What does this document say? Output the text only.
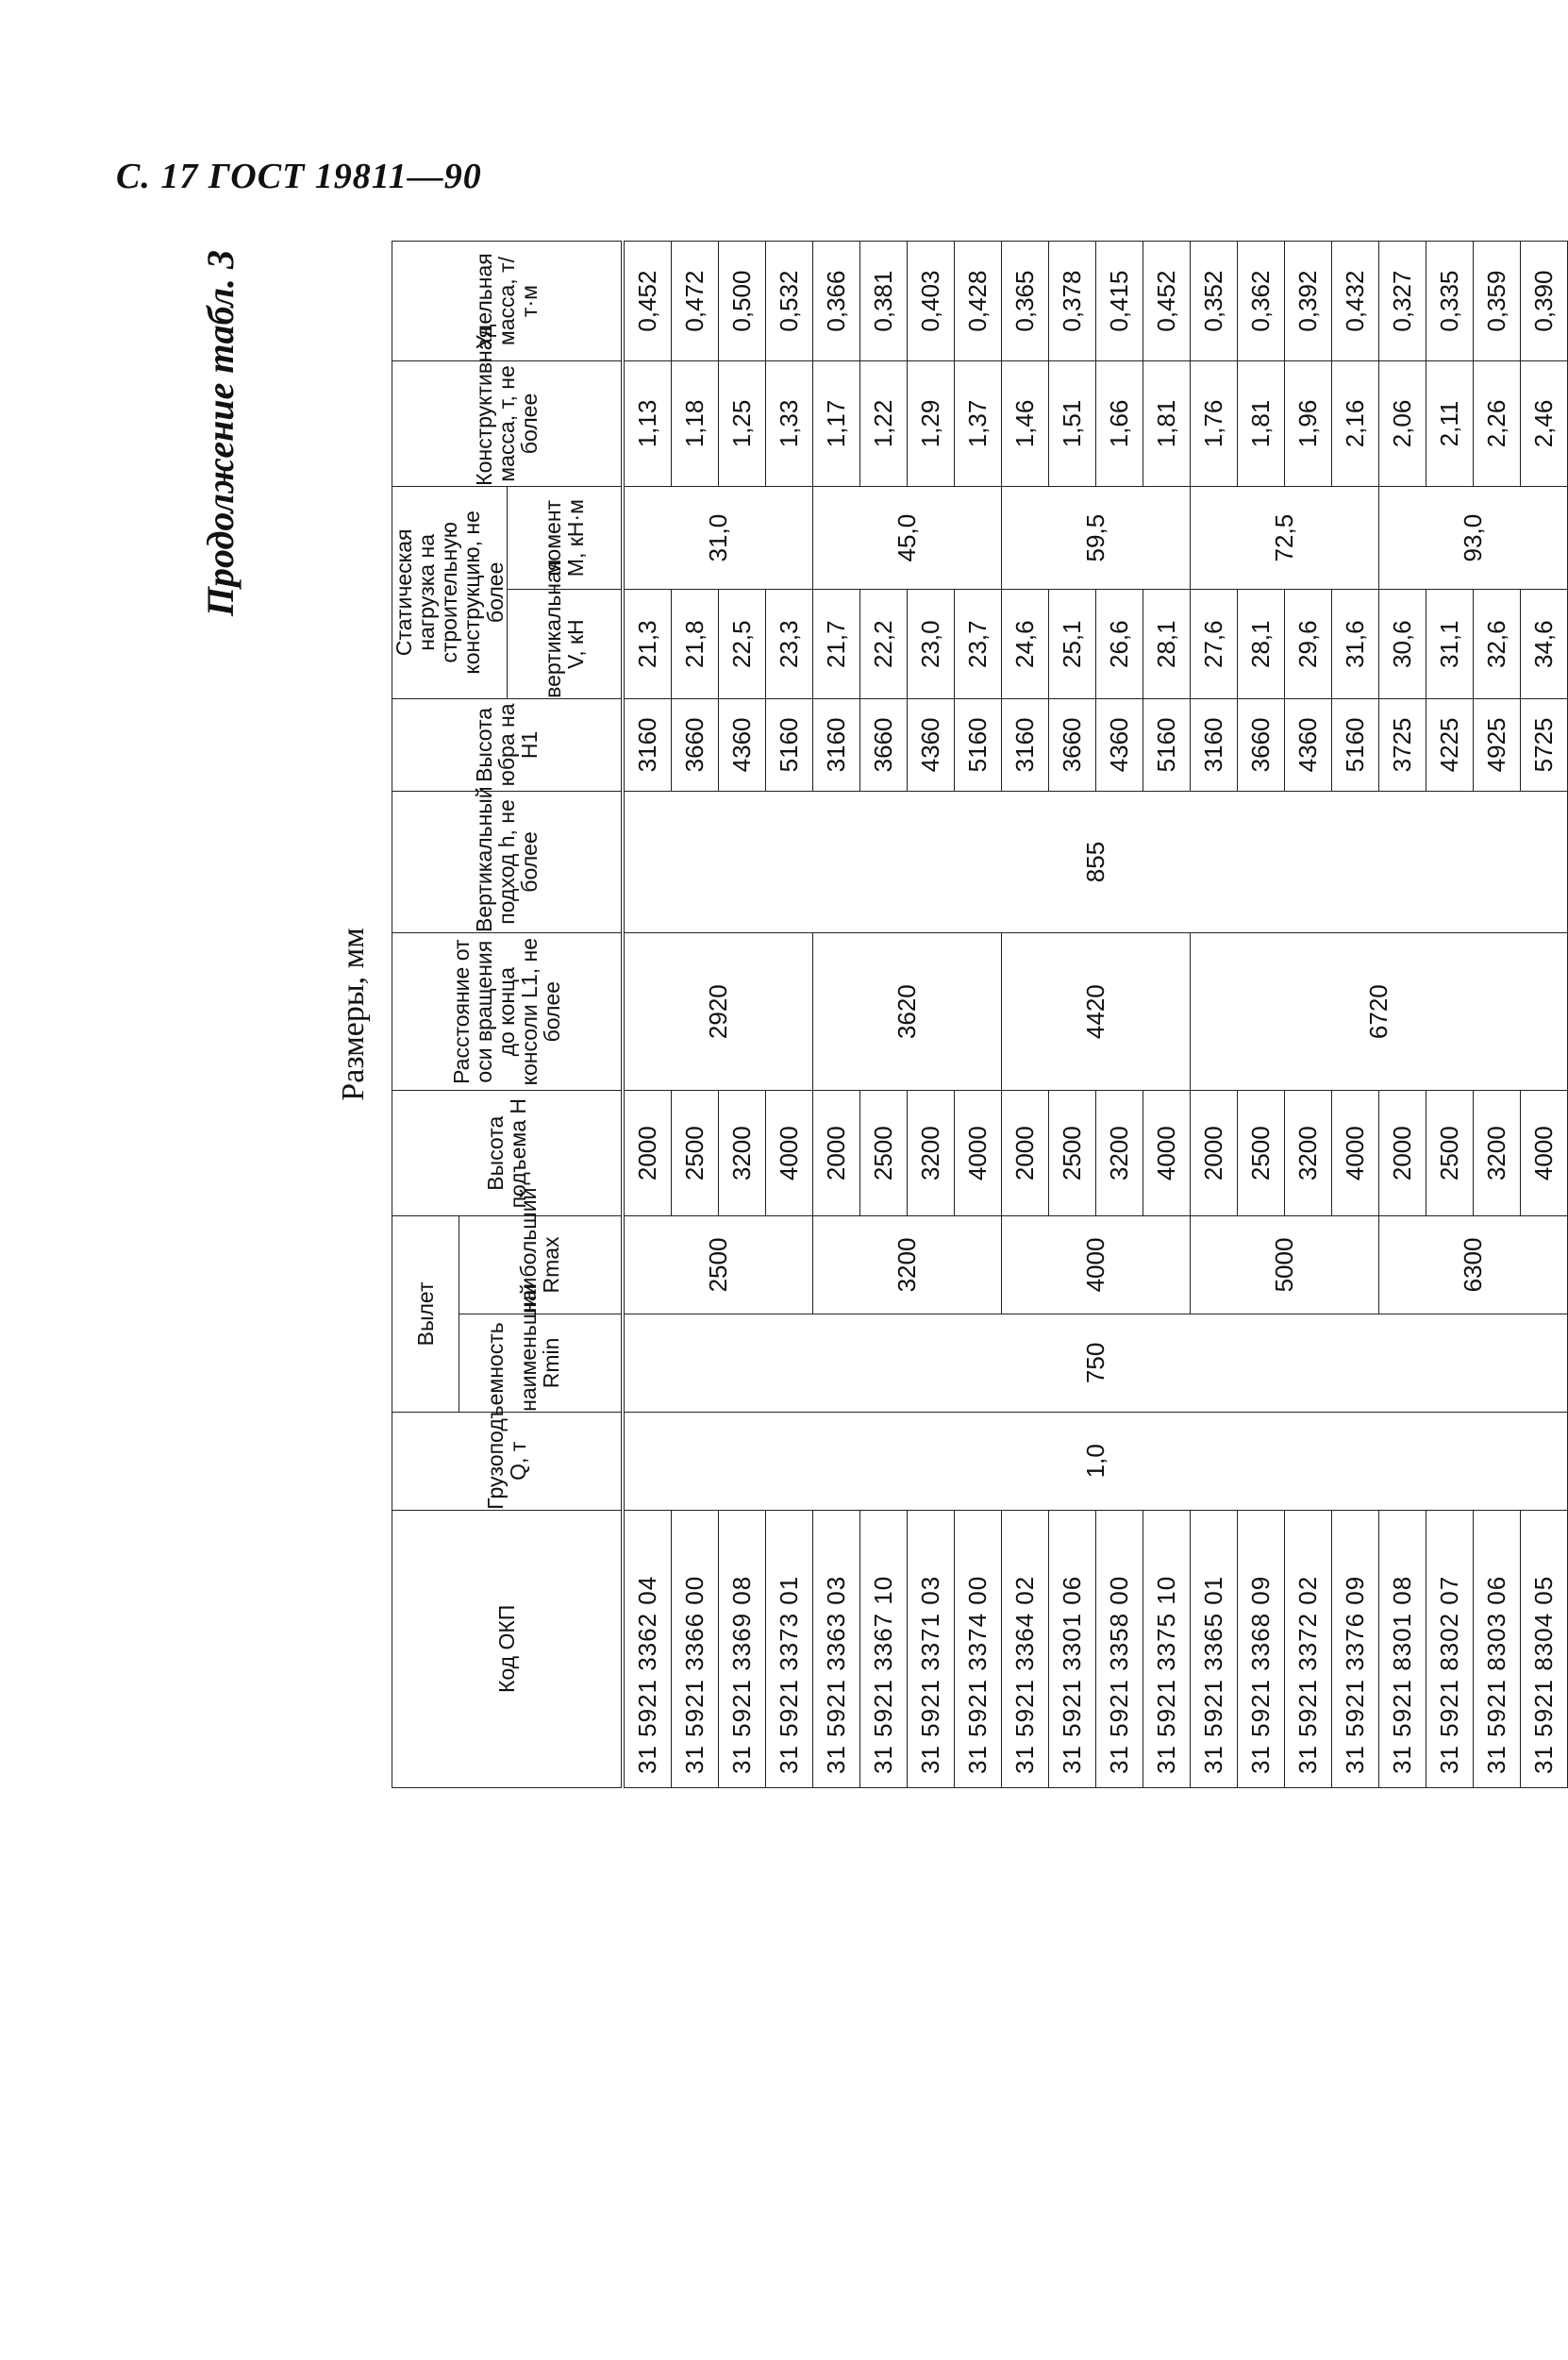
С. 17 ГОСТ 19811—90
Продолжение табл. 3
Размеры, мм											
Код ОКП	Грузоподъемность Q, т	Вылет		Высота подъема H	Расстояние от оси вращения до конца консоли L1, не более	Вертикальный подход h, не более	Высота юбра на H1	Статическая нагрузка на строительную конструкцию, не более		Конструктивная масса, т, не более	Удельная масса, т/т·м
		наименьший Rmin	наибольший Rmax								
								вертикальная V, кН	момент M, кН·м		
31 5921 3362 04	1,0	750	2500	2000	2920	855	3160	21,3	31,0	1,13	0,452
31 5921 3366 00				2500			3660	21,8		1,18	0,472
31 5921 3369 08				3200			4360	22,5		1,25	0,500
31 5921 3373 01				4000			5160	23,3		1,33	0,532
31 5921 3363 03			3200	2000	3620		3160	21,7	45,0	1,17	0,366
31 5921 3367 10				2500			3660	22,2		1,22	0,381
31 5921 3371 03				3200			4360	23,0		1,29	0,403
31 5921 3374 00				4000			5160	23,7		1,37	0,428
31 5921 3364 02			4000	2000	4420		3160	24,6	59,5	1,46	0,365
31 5921 3301 06				2500			3660	25,1		1,51	0,378
31 5921 3358 00				3200			4360	26,6		1,66	0,415
31 5921 3375 10				4000			5160	28,1		1,81	0,452
31 5921 3365 01			5000	2000	6720		3160	27,6	72,5	1,76	0,352
31 5921 3368 09				2500			3660	28,1		1,81	0,362
31 5921 3372 02				3200			4360	29,6		1,96	0,392
31 5921 3376 09				4000			5160	31,6		2,16	0,432
31 5921 8301 08			6300	2000			3725	30,6	93,0	2,06	0,327
31 5921 8302 07				2500			4225	31,1		2,11	0,335
31 5921 8303 06				3200			4925	32,6		2,26	0,359
31 5921 8304 05				4000			5725	34,6		2,46	0,390
